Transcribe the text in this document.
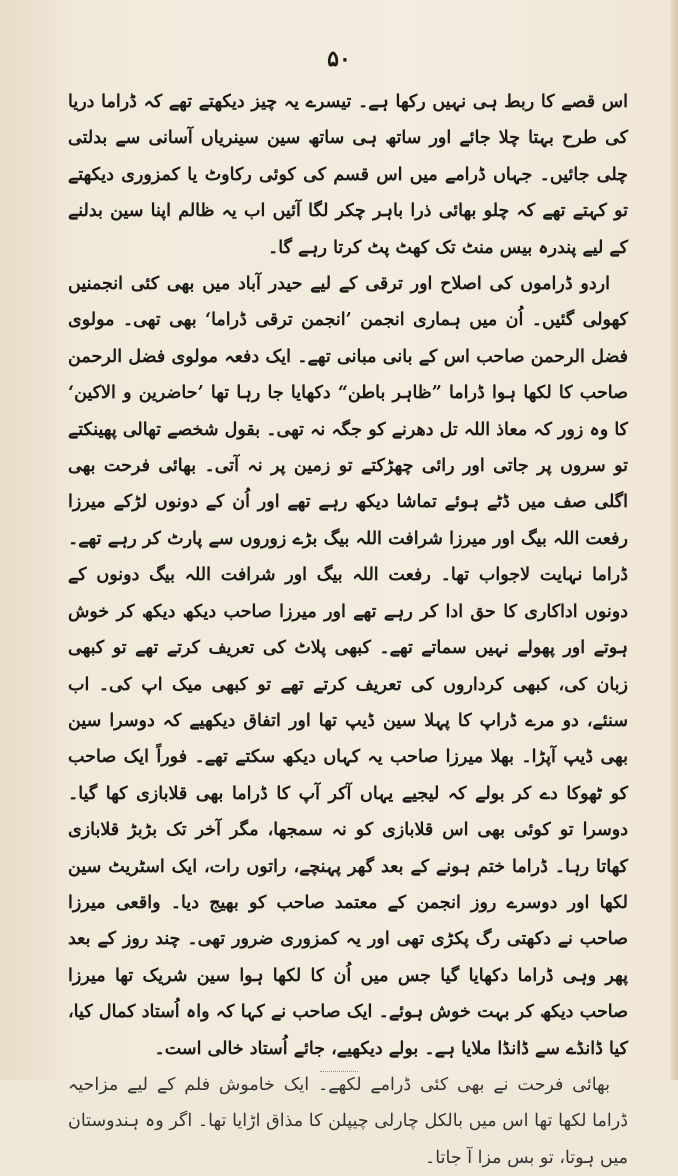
۵۰

اس قصے کا ربط ہی نہیں رکھا ہے۔ تیسرے یہ چیز دیکھتے تھے کہ ڈراما دریا کی طرح بہتا چلا جائے اور ساتھ ہی ساتھ سین سینریاں آسانی سے بدلتی چلی جائیں۔ جہاں ڈرامے میں اس قسم کی کوئی رکاوٹ یا کمزوری دیکھتے تو کہتے تھے کہ چلو بھائی ذرا باہر چکر لگا آئیں اب یہ ظالم اپنا سین بدلنے کے لیے پندرہ بیس منٹ تک کھٹ پٹ کرتا رہے گا۔

اردو ڈراموں کی اصلاح اور ترقی کے لیے حیدر آباد میں بھی کئی انجمنیں کھولی گئیں۔ اُن میں ہماری انجمن ’انجمن ترقی ڈراما‘ بھی تھی۔ مولوی فضل الرحمن صاحب اس کے بانی مبانی تھے۔ ایک دفعہ مولوی فضل الرحمن صاحب کا لکھا ہوا ڈراما ”ظاہر باطن“ دکھایا جا رہا تھا ’حاضرین و الاکین‘ کا وہ زور کہ معاذ اللہ تل دھرنے کو جگہ نہ تھی۔ بقول شخصے تھالی پھینکتے تو سروں پر جاتی اور رائی چھڑکتے تو زمین پر نہ آتی۔ بھائی فرحت بھی اگلی صف میں ڈٹے ہوئے تماشا دیکھ رہے تھے اور اُن کے دونوں لڑکے میرزا رفعت اللہ بیگ اور میرزا شرافت اللہ بیگ بڑے زوروں سے پارٹ کر رہے تھے۔ ڈراما نہایت لاجواب تھا۔ رفعت اللہ بیگ اور شرافت اللہ بیگ دونوں کے دونوں اداکاری کا حق ادا کر رہے تھے اور میرزا صاحب دیکھ دیکھ کر خوش ہوتے اور پھولے نہیں سماتے تھے۔ کبھی پلاٹ کی تعریف کرتے تھے تو کبھی زبان کی، کبھی کرداروں کی تعریف کرتے تھے تو کبھی میک اپ کی۔ اب سنئے، دو مرے ڈراپ کا پہلا سین ڈیپ تھا اور اتفاق دیکھیے کہ دوسرا سین بھی ڈیپ آپڑا۔ بھلا میرزا صاحب یہ کہاں دیکھ سکتے تھے۔ فوراً ایک صاحب کو ٹھوکا دے کر بولے کہ لیجیے یہاں آکر آپ کا ڈراما بھی قلابازی کھا گیا۔ دوسرا تو کوئی بھی اس قلابازی کو نہ سمجھا، مگر آخر تک بڑبڑ قلابازی کھاتا رہا۔ ڈراما ختم ہونے کے بعد گھر پہنچے، راتوں رات، ایک اسٹریٹ سین لکھا اور دوسرے روز انجمن کے معتمد صاحب کو بھیج دیا۔ واقعی میرزا صاحب نے دکھتی رگ پکڑی تھی اور یہ کمزوری ضرور تھی۔ چند روز کے بعد پھر وہی ڈراما دکھایا گیا جس میں اُن کا لکھا ہوا سین شریک تھا میرزا صاحب دیکھ کر بہت خوش ہوئے۔ ایک صاحب نے کہا کہ واہ اُستاد کمال کیا، کیا ڈانڈے سے ڈانڈا ملایا ہے۔ بولے دیکھیے، جائے اُستاد خالی است۔

بھائی فرحت نے بھی کئی ڈرامے لکھے۔ ایک خاموش فلم کے لیے مزاحیہ ڈراما لکھا تھا اس میں بالکل چارلی چیپلن کا مذاق اڑایا تھا۔ اگر وہ ہندوستان میں ہوتا، تو بس مزا آ جاتا۔
